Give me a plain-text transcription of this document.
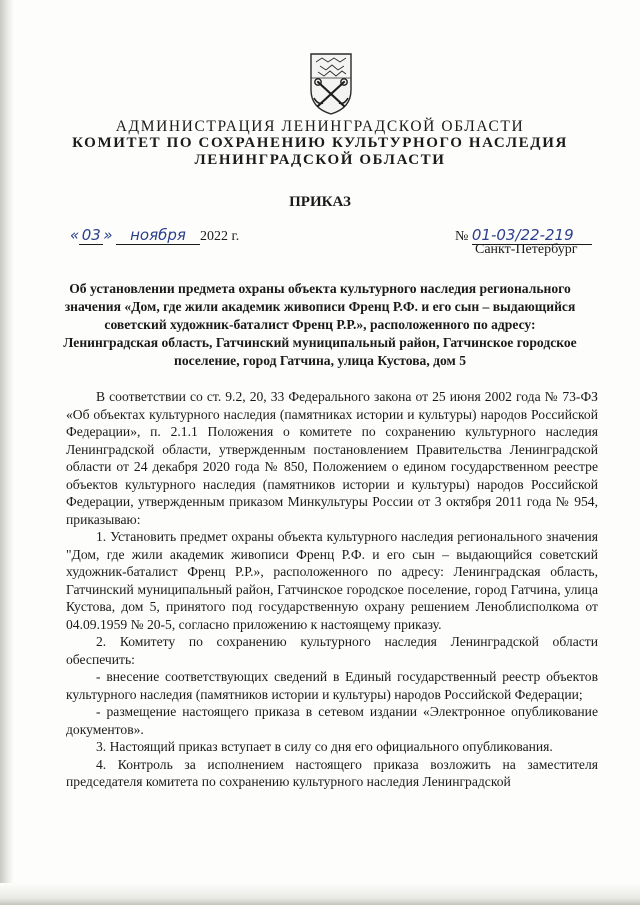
АДМИНИСТРАЦИЯ ЛЕНИНГРАДСКОЙ ОБЛАСТИ
КОМИТЕТ ПО СОХРАНЕНИЮ КУЛЬТУРНОГО НАСЛЕДИЯ
ЛЕНИНГРАДСКОЙ ОБЛАСТИ
ПРИКАЗ
« 03 » ноября 2022 г.	№ 01-03/22-219
Санкт-Петербург
Об установлении предмета охраны объекта культурного наследия регионального значения «Дом, где жили академик живописи Френц Р.Ф. и его сын – выдающийся советский художник-баталист Френц Р.Р.», расположенного по адресу: Ленинградская область, Гатчинский муниципальный район, Гатчинское городское поселение, город Гатчина, улица Кустова, дом 5

В соответствии со ст. 9.2, 20, 33 Федерального закона от 25 июня 2002 года № 73-ФЗ «Об объектах культурного наследия (памятниках истории и культуры) народов Российской Федерации», п. 2.1.1 Положения о комитете по сохранению культурного наследия Ленинградской области, утвержденным постановлением Правительства Ленинградской области от 24 декабря 2020 года № 850, Положением о едином государственном реестре объектов культурного наследия (памятников истории и культуры) народов Российской Федерации, утвержденным приказом Минкультуры России от 3 октября 2011 года № 954, приказываю:

1. Установить предмет охраны объекта культурного наследия регионального значения "Дом, где жили академик живописи Френц Р.Ф. и его сын – выдающийся советский художник-баталист Френц Р.Р.», расположенного по адресу: Ленинградская область, Гатчинский муниципальный район, Гатчинское городское поселение, город Гатчина, улица Кустова, дом 5, принятого под государственную охрану решением Леноблисполкома от 04.09.1959 № 20-5, согласно приложению к настоящему приказу.

2. Комитету по сохранению культурного наследия Ленинградской области обеспечить:

- внесение соответствующих сведений в Единый государственный реестр объектов культурного наследия (памятников истории и культуры) народов Российской Федерации;

- размещение настоящего приказа в сетевом издании «Электронное опубликование документов».

3. Настоящий приказ вступает в силу со дня его официального опубликования.

4. Контроль за исполнением настоящего приказа возложить на заместителя председателя комитета по сохранению культурного наследия Ленинградской
